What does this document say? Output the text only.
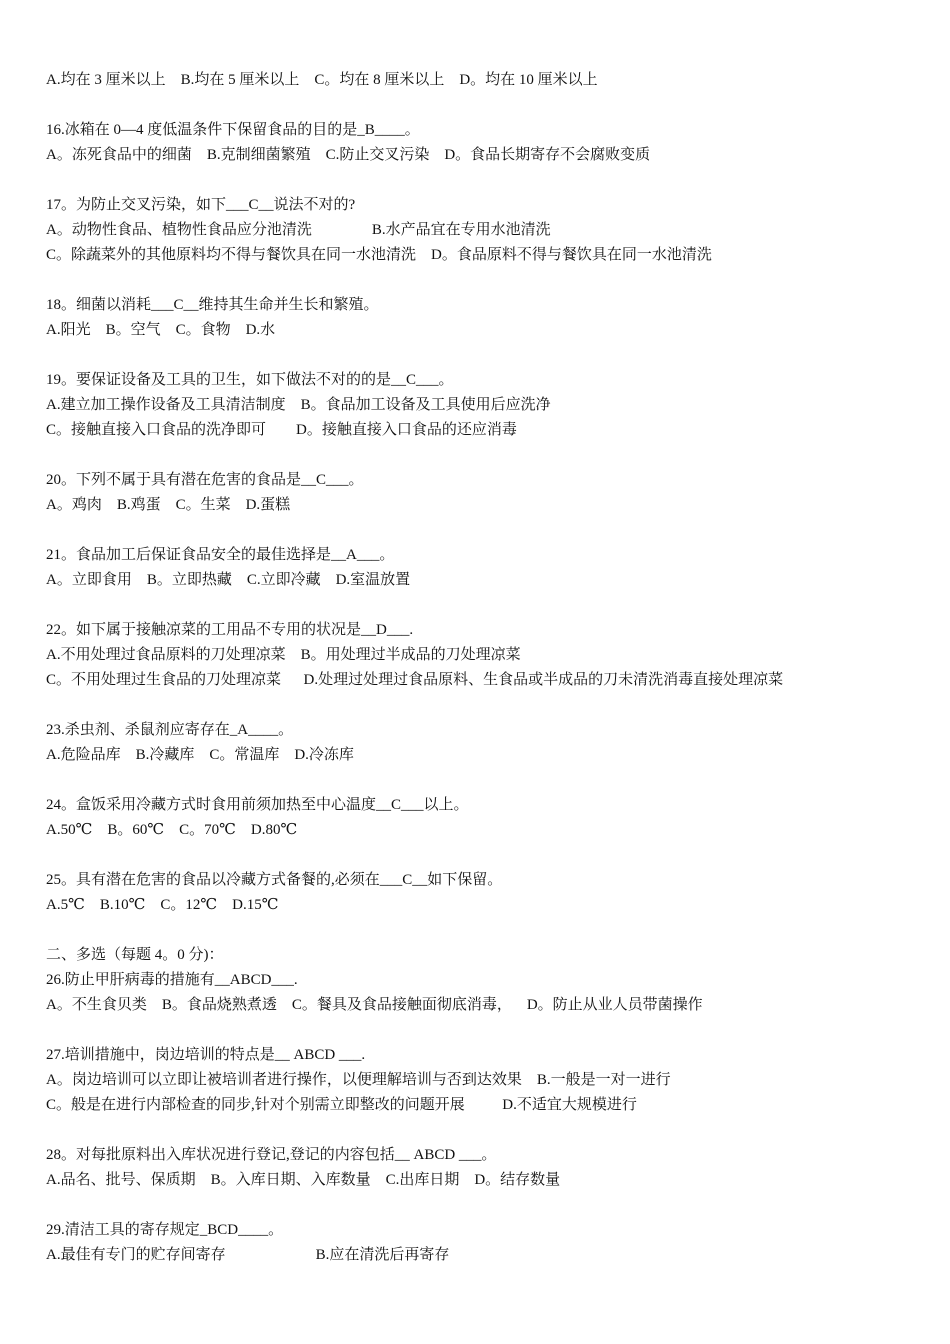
A.均在 3 厘米以上    B.均在 5 厘米以上    C。均在 8 厘米以上    D。均在 10 厘米以上
16.冰箱在 0—4 度低温条件下保留食品的目的是_B____。
A。冻死食品中的细菌    B.克制细菌繁殖    C.防止交叉污染    D。食品长期寄存不会腐败变质
17。为防止交叉污染，如下___C__说法不对的?
A。动物性食品、植物性食品应分池清洗                B.水产品宜在专用水池清洗
C。除蔬菜外的其他原料均不得与餐饮具在同一水池清洗    D。食品原料不得与餐饮具在同一水池清洗
18。细菌以消耗___C__维持其生命并生长和繁殖。
A.阳光    B。空气    C。食物    D.水
19。要保证设备及工具的卫生，如下做法不对的的是__C___。
A.建立加工操作设备及工具清洁制度    B。食品加工设备及工具使用后应洗净
C。接触直接入口食品的洗净即可        D。接触直接入口食品的还应消毒
20。下列不属于具有潜在危害的食品是__C___。
A。鸡肉    B.鸡蛋    C。生菜    D.蛋糕
21。食品加工后保证食品安全的最佳选择是__A___。
A。立即食用    B。立即热藏    C.立即冷藏    D.室温放置
22。如下属于接触凉菜的工用品不专用的状况是__D___.
A.不用处理过食品原料的刀处理凉菜    B。用处理过半成品的刀处理凉菜
C。不用处理过生食品的刀处理凉菜      D.处理过处理过食品原料、生食品或半成品的刀未清洗消毒直接处理凉菜
23.杀虫剂、杀鼠剂应寄存在_A____。
A.危险品库    B.冷藏库    C。常温库    D.冷冻库
24。盒饭采用冷藏方式时食用前须加热至中心温度__C___以上。
A.50℃    B。60℃    C。70℃    D.80℃
25。具有潜在危害的食品以冷藏方式备餐的,必须在___C__如下保留。
A.5℃    B.10℃    C。12℃    D.15℃
二、多选（每题 4。0 分)：
26.防止甲肝病毒的措施有__ABCD___.
A。不生食贝类    B。食品烧熟煮透    C。餐具及食品接触面彻底消毒，    D。防止从业人员带菌操作
27.培训措施中，岗边培训的特点是__ ABCD ___.
A。岗边培训可以立即让被培训者进行操作，以便理解培训与否到达效果    B.一般是一对一进行
C。般是在进行内部检查的同步,针对个别需立即整改的问题开展          D.不适宜大规模进行
28。对每批原料出入库状况进行登记,登记的内容包括__ ABCD ___。
A.品名、批号、保质期    B。入库日期、入库数量    C.出库日期    D。结存数量
29.清洁工具的寄存规定_BCD____。
A.最佳有专门的贮存间寄存                        B.应在清洗后再寄存
